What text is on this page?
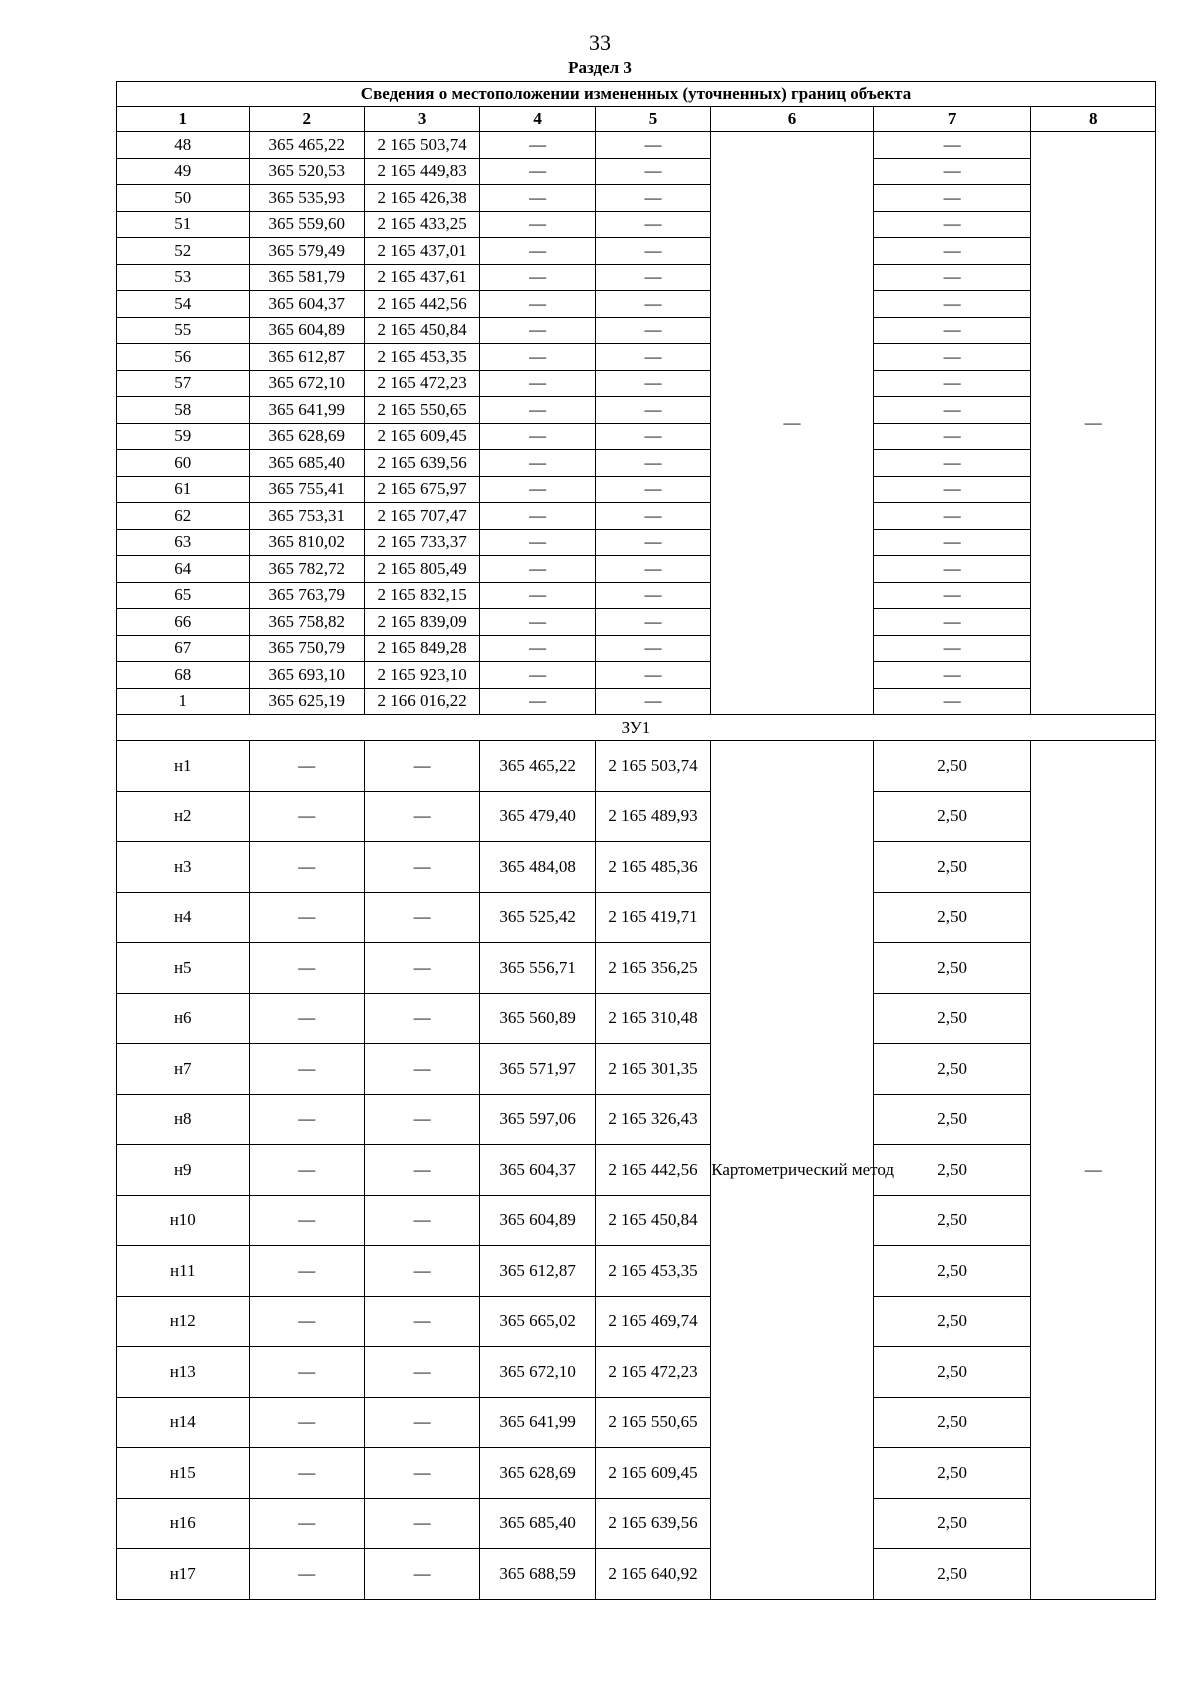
33
Раздел 3
Сведения о местоположении измененных (уточненных) границ объекта							
1	2	3	4	5	6	7	8
48	365 465,22	2 165 503,74	—	—	—	—	—
49	365 520,53	2 165 449,83	—	—		—	
50	365 535,93	2 165 426,38	—	—		—	
51	365 559,60	2 165 433,25	—	—		—	
52	365 579,49	2 165 437,01	—	—		—	
53	365 581,79	2 165 437,61	—	—		—	
54	365 604,37	2 165 442,56	—	—		—	
55	365 604,89	2 165 450,84	—	—		—	
56	365 612,87	2 165 453,35	—	—		—	
57	365 672,10	2 165 472,23	—	—		—	
58	365 641,99	2 165 550,65	—	—		—	
59	365 628,69	2 165 609,45	—	—		—	
60	365 685,40	2 165 639,56	—	—		—	
61	365 755,41	2 165 675,97	—	—		—	
62	365 753,31	2 165 707,47	—	—		—	
63	365 810,02	2 165 733,37	—	—		—	
64	365 782,72	2 165 805,49	—	—		—	
65	365 763,79	2 165 832,15	—	—		—	
66	365 758,82	2 165 839,09	—	—		—	
67	365 750,79	2 165 849,28	—	—		—	
68	365 693,10	2 165 923,10	—	—		—	
1	365 625,19	2 166 016,22	—	—		—	
ЗУ1							
н1	—	—	365 465,22	2 165 503,74	Картометрический метод	2,50	—
н2	—	—	365 479,40	2 165 489,93		2,50	
н3	—	—	365 484,08	2 165 485,36		2,50	
н4	—	—	365 525,42	2 165 419,71		2,50	
н5	—	—	365 556,71	2 165 356,25		2,50	
н6	—	—	365 560,89	2 165 310,48		2,50	
н7	—	—	365 571,97	2 165 301,35		2,50	
н8	—	—	365 597,06	2 165 326,43		2,50	
н9	—	—	365 604,37	2 165 442,56		2,50	
н10	—	—	365 604,89	2 165 450,84		2,50	
н11	—	—	365 612,87	2 165 453,35		2,50	
н12	—	—	365 665,02	2 165 469,74		2,50	
н13	—	—	365 672,10	2 165 472,23		2,50	
н14	—	—	365 641,99	2 165 550,65		2,50	
н15	—	—	365 628,69	2 165 609,45		2,50	
н16	—	—	365 685,40	2 165 639,56		2,50	
н17	—	—	365 688,59	2 165 640,92		2,50	
